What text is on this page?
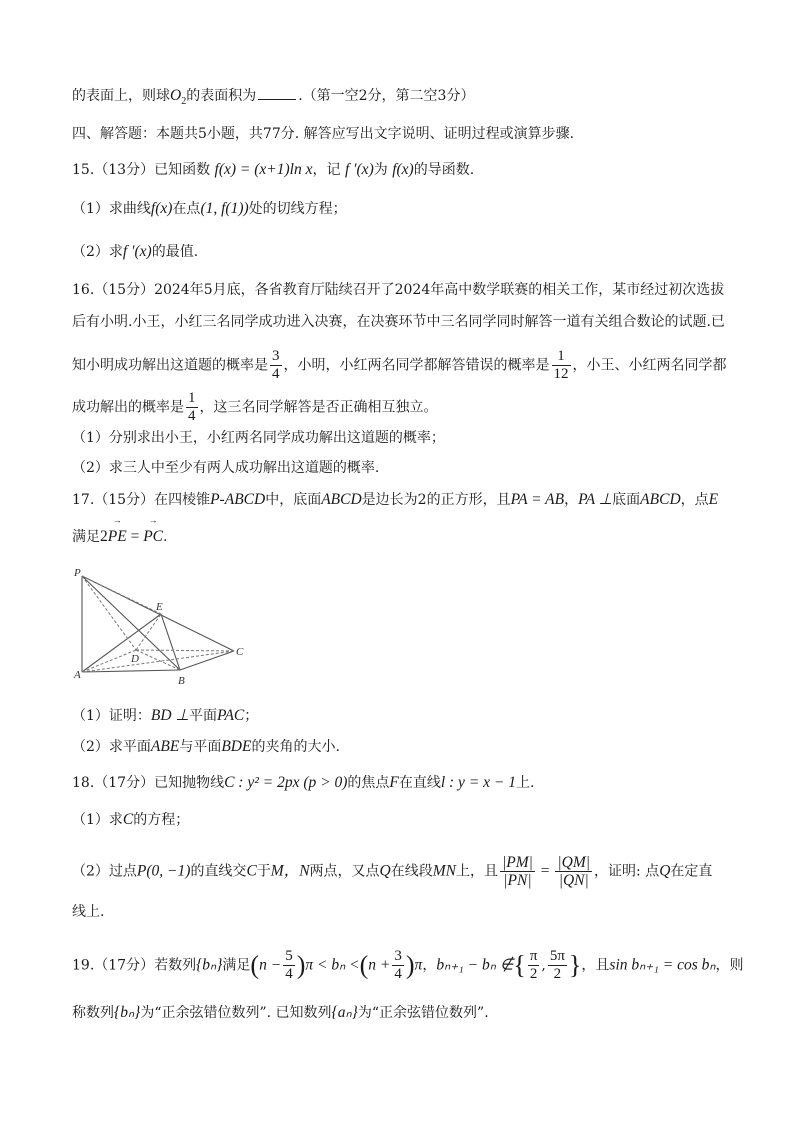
的表面上，则球$O_2$的表面积为	.（第一空2分，第二空3分）
四、解答题：本题共5小题，共77分. 解答应写出文字说明、证明过程或演算步骤.
15.（13分）已知函数 f(x) = (x+1)ln x，记 f ′(x)为 f(x)的导函数.
（1）求曲线f(x)在点(1, f(1))处的切线方程；
（2）求f ′(x)的最值.
16.（15分）2024年5月底，各省教育厅陆续召开了2024年高中数学联赛的相关工作，某市经过初次选拔
后有小明.小王，小红三名同学成功进入决赛，在决赛环节中三名同学同时解答一道有关组合数论的试题.已
知小明成功解出这道题的概率是 $\frac{3}{4}$ ，小明，小红两名同学都解答错误的概率是 $\frac{1}{12}$ ，小王、小红两名同学都
成功解出的概率是 $\frac{1}{4}$ ，这三名同学解答是否正确相互独立。
（1）分别求出小王，小红两名同学成功解出这道题的概率；
（2）求三人中至少有两人成功解出这道题的概率.
17.（15分）在四棱锥P-ABCD中，底面ABCD是边长为2的正方形，且PA = AB，PA ⊥底面ABCD，点E
满足2→ PE = → PC.
P
E
D
C
A	B
（1）证明：BD ⊥平面PAC；
（2）求平面ABE与平面BDE的夹角的大小.
18.（17分）已知抛物线C : y² = 2px (p > 0)的焦点F在直线l : y = x − 1上.
（1）求C的方程；
（2）过点P(0, −1)的直线交C于M，N两点，又点Q在线段MN上，且 $\frac{|PM|}{|PN|} = \frac{|QM|}{|QN|}$ ，证明: 点Q在定直
线上.
19.（17分）若数列{bₙ}满足$(n - \frac{5}{4} )\pi < b_n <(n + \frac{3}{4} )\pi$，bₙ₊₁ − bₙ ∉{ $\frac{\pi}{2}$ , $\frac{5\pi}{2}$ }，且sin bₙ₊₁ = cos bₙ，则
称数列{bₙ}为“正余弦错位数列”. 已知数列{aₙ}为“正余弦错位数列”.
